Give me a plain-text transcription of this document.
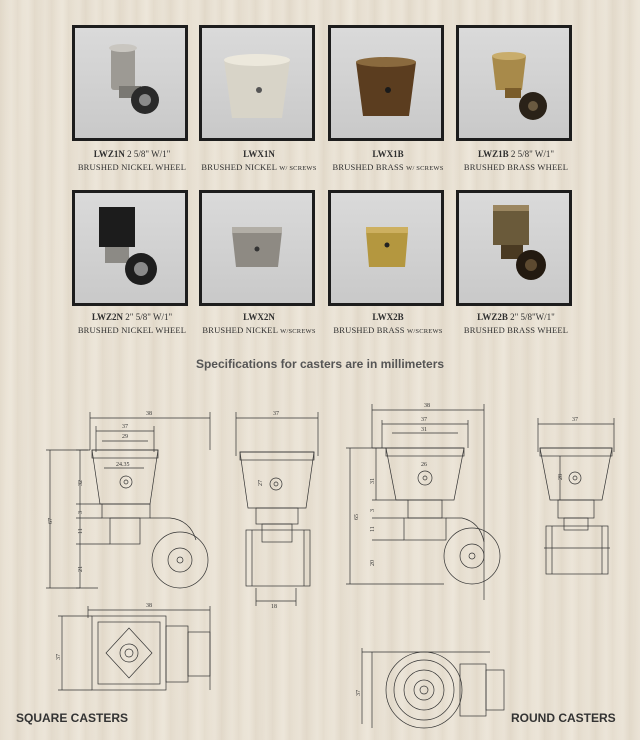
LWZ1N 2 5/8" W/1"
BRUSHED NICKEL WHEEL
LWX1N
BRUSHED NICKEL W/ SCREWS
LWX1B
BRUSHED BRASS W/ SCREWS
LWZ1B 2 5/8" W/1"
BRUSHED BRASS WHEEL
LWZ2N 2" 5/8" W/1"
BRUSHED NICKEL WHEEL
LWX2N
BRUSHED NICKEL W/SCREWS
LWX2B
BRUSHED BRASS W/SCREWS
LWZ2B 2" 5/8"W/1"
BRUSHED BRASS WHEEL
Specifications for casters are in millimeters
38
37
29
24.35
32
67
3
11
21
37
27
18
38
37
38
37
31
26
31
65
3
11
20
37
28
37
SQUARE CASTERS	ROUND CASTERS
